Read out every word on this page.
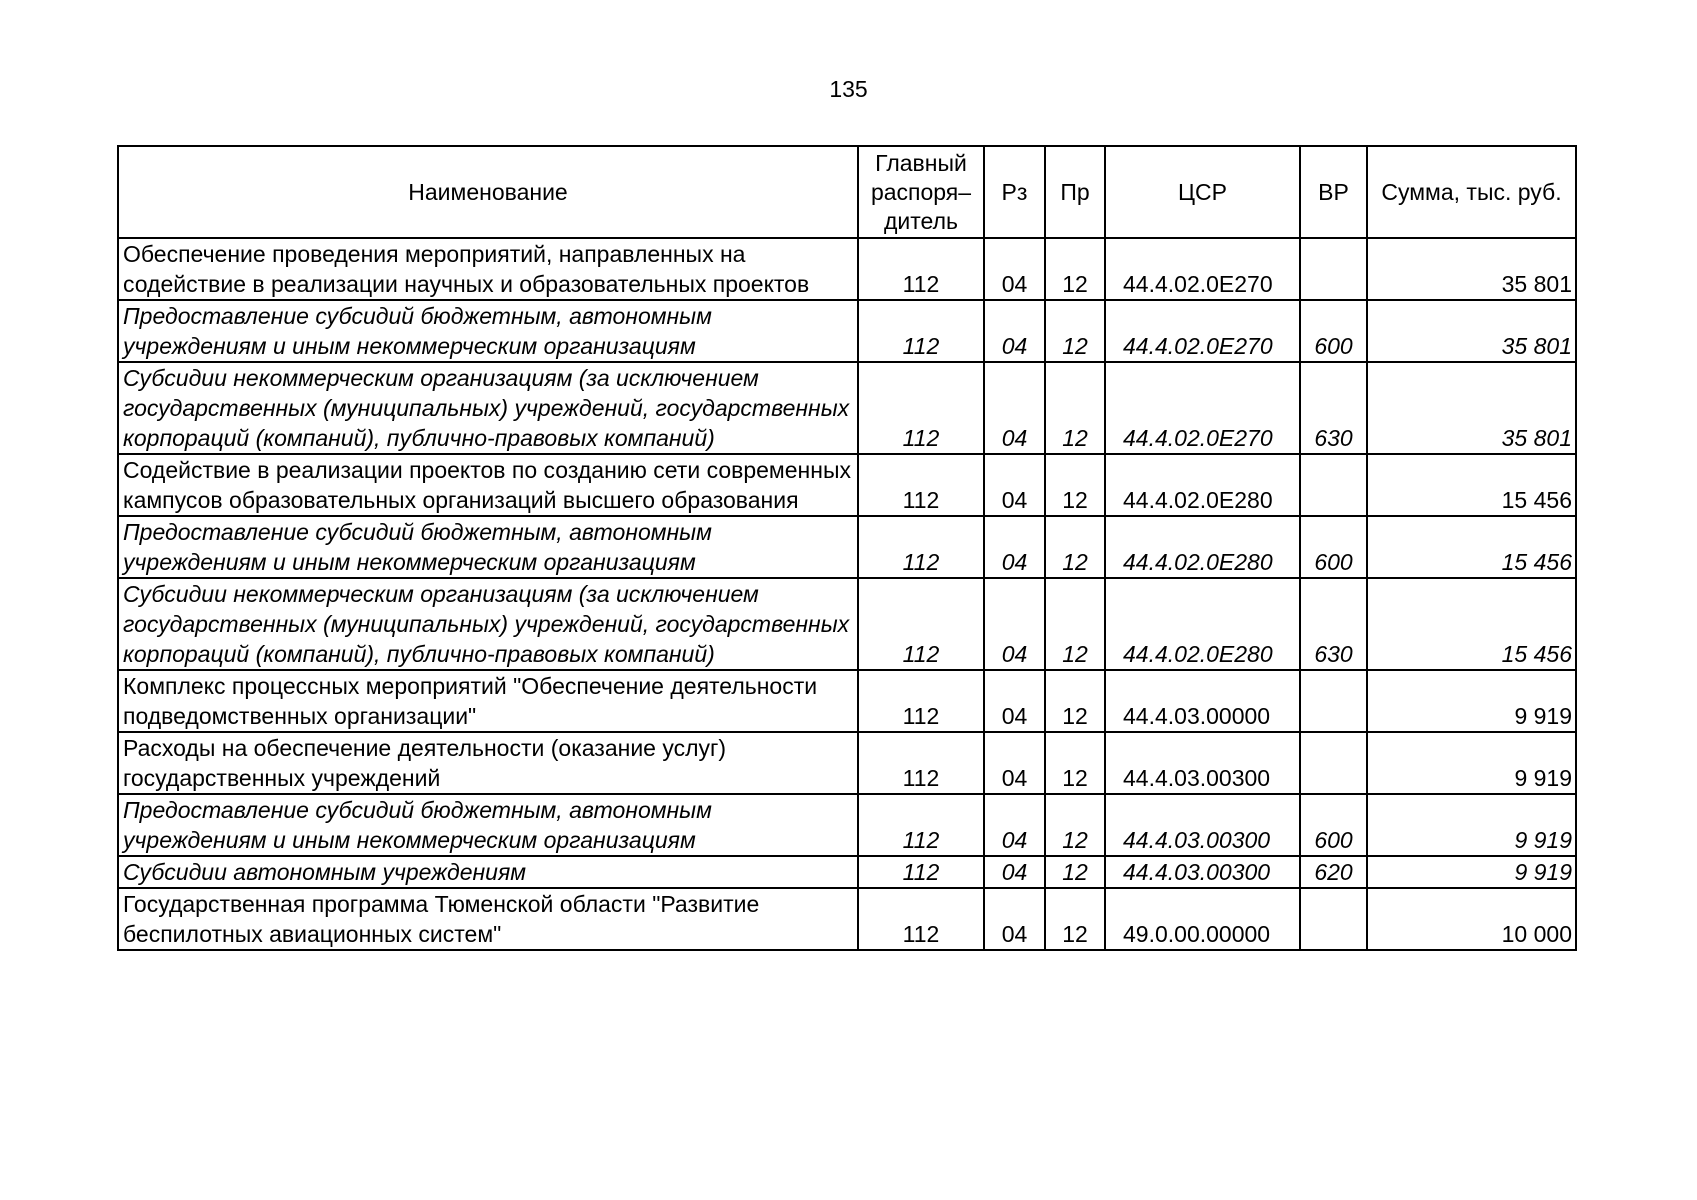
135
Наименование	Главный распоря–дитель	Рз	Пр	ЦСР	ВР	Сумма, тыс. руб.
Обеспечение проведения мероприятий, направленных на содействие в реализации научных и образовательных проектов	112	04	12	44.4.02.0Е270		35 801
Предоставление субсидий бюджетным, автономным учреждениям и иным некоммерческим организациям	112	04	12	44.4.02.0Е270	600	35 801
Субсидии некоммерческим организациям (за исключением государственных (муниципальных) учреждений, государственных корпораций (компаний), публично-правовых компаний)	112	04	12	44.4.02.0Е270	630	35 801
Содействие в реализации проектов по созданию сети современных кампусов образовательных организаций высшего образования	112	04	12	44.4.02.0Е280		15 456
Предоставление субсидий бюджетным, автономным учреждениям и иным некоммерческим организациям	112	04	12	44.4.02.0Е280	600	15 456
Субсидии некоммерческим организациям (за исключением государственных (муниципальных) учреждений, государственных корпораций (компаний), публично-правовых компаний)	112	04	12	44.4.02.0Е280	630	15 456
Комплекс процессных мероприятий "Обеспечение деятельности подведомственных организации"	112	04	12	44.4.03.00000		9 919
Расходы на обеспечение деятельности (оказание услуг) государственных учреждений	112	04	12	44.4.03.00300		9 919
Предоставление субсидий бюджетным, автономным учреждениям и иным некоммерческим организациям	112	04	12	44.4.03.00300	600	9 919
Субсидии автономным учреждениям	112	04	12	44.4.03.00300	620	9 919
Государственная программа Тюменской области "Развитие беспилотных авиационных систем"	112	04	12	49.0.00.00000		10 000
